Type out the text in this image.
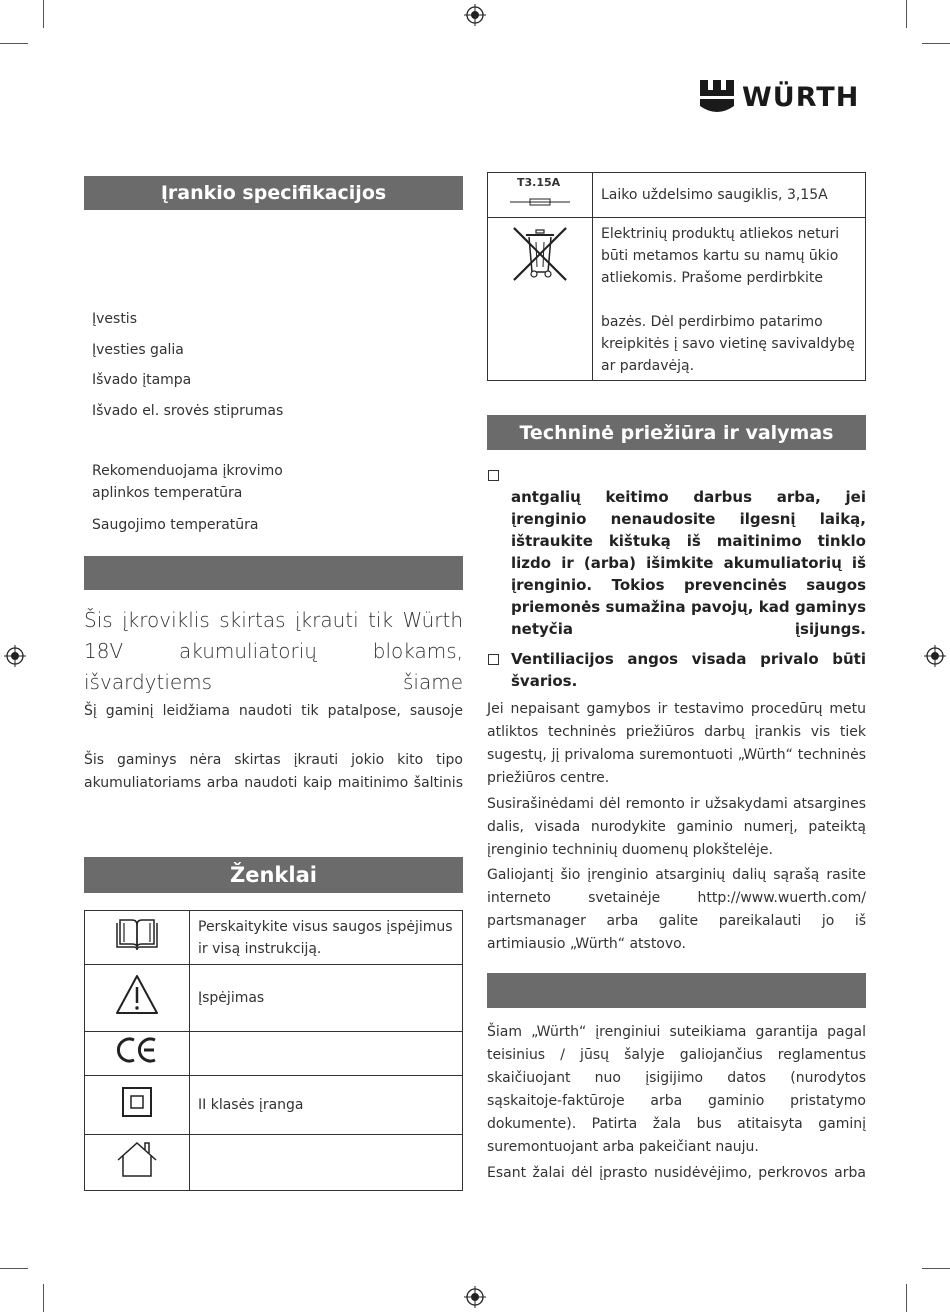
WÜRTH
Įrankio specifikacijos
Įvestis
Įvesties galia
Išvado įtampa
Išvado el. srovės stiprumas
Rekomenduojama įkrovimo aplinkos temperatūra
Saugojimo temperatūra
Šis įkroviklis skirtas įkrauti tik Würth 18V akumuliatorių blokams, išvardytiems šiame
Šį gaminį leidžiama naudoti tik patalpose, sausoje
Šis gaminys nėra skirtas įkrauti jokio kito tipo akumuliatoriams arba naudoti kaip maitinimo šaltinis
Ženklai
	Perskaitykite visus saugos įspėjimus ir visą instrukciją.
	Įspėjimas

	II klasės įranga

T3.15A	Laiko uždelsimo saugiklis, 3,15A

Elektrinių produktų atliekos neturi būti metamos kartu su namų ūkio atliekomis. Prašome perdirbkite
bazės. Dėl perdirbimo patarimo kreipkitės į savo vietinę savivaldybę ar pardavėją.
Techninė priežiūra ir valymas
antgalių keitimo darbus arba, jei įrenginio nenaudosite ilgesnį laiką, ištraukite kištuką iš maitinimo tinklo lizdo ir (arba) išimkite akumuliatorių iš įrenginio. Tokios prevencinės saugos priemonės sumažina pavojų, kad gaminys netyčia įsijungs.
Ventiliacijos angos visada privalo būti švarios.
Jei nepaisant gamybos ir testavimo procedūrų metu atliktos techninės priežiūros darbų įrankis vis tiek sugestų, jį privaloma suremontuoti „Würth“ techninės priežiūros centre.
Susirašinėdami dėl remonto ir užsakydami atsargines dalis, visada nurodykite gaminio numerį, pateiktą įrenginio techninių duomenų plokštelėje.
Galiojantį šio įrenginio atsarginių dalių sąrašą rasite interneto svetainėje http://www.wuerth.com/ partsmanager arba galite pareikalauti jo iš artimiausio „Würth“ atstovo.
Šiam „Würth“ įrenginiui suteikiama garantija pagal teisinius / jūsų šalyje galiojančius reglamentus skaičiuojant nuo įsigijimo datos (nurodytos sąskaitoje-faktūroje arba gaminio pristatymo dokumente). Patirta žala bus atitaisyta gaminį suremontuojant arba pakeičiant nauju.
Esant žalai dėl įprasto nusidėvėjimo, perkrovos arba
